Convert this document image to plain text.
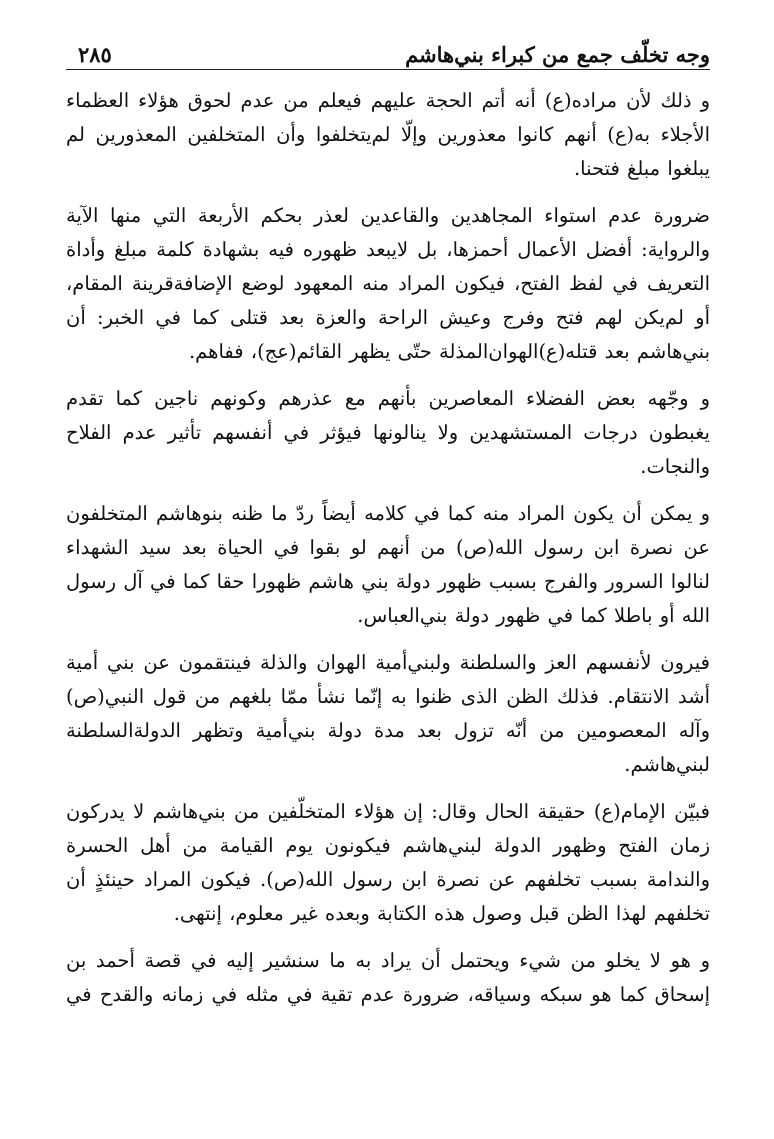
وجه تخلّف جمع من كبراء بني‌هاشم
٢٨٥

و ذلك لأن مراده(ع) أنه أتم الحجة عليهم فيعلم من عدم لحوق هؤلاء العظماء الأجلاء به(ع) أنهم كانوا معذورين وإلّا لم‌يتخلفوا وأن المتخلفين المعذورين لم يبلغوا مبلغ فتحنا.

ضرورة عدم استواء المجاهدين والقاعدين لعذر بحكم الأربعة التي منها الآية والرواية: أفضل الأعمال أحمزها، بل لايبعد ظهوره فيه بشهادة كلمة مبلغ وأداة التعريف في لفظ الفتح، فيكون المراد منه المعهود لوضع الإضافةقرينة المقام، أو لم‌يكن لهم فتح وفرج وعيش الراحة والعزة بعد قتلى كما في الخبر: أن بني‌هاشم بعد قتله(ع)الهوان‌المذلة حتّى يظهر القائم(عج)، ففاهم.

و وجّهه بعض الفضلاء المعاصرين بأنهم مع عذرهم وكونهم ناجين كما تقدم يغبطون درجات المستشهدين ولا ينالونها فيؤثر في أنفسهم تأثير عدم الفلاح والنجات.

و يمكن أن يكون المراد منه كما في كلامه أيضاً ردّ ما ظنه بنوهاشم المتخلفون عن نصرة ابن رسول الله(ص) من أنهم لو بقوا في الحياة بعد سيد الشهداء لنالوا السرور والفرج بسبب ظهور دولة بني هاشم ظهورا حقا كما في آل رسول الله أو باطلا كما في ظهور دولة بني‌العباس.

فيرون لأنفسهم العز والسلطنة ولبني‌أمية الهوان والذلة فينتقمون عن بني أمية أشد الانتقام. فذلك الظن الذى ظنوا به إنّما نشأ ممّا بلغهم من قول النبي(ص) وآله المعصومين من أنّه تزول بعد مدة دولة بني‌أمية وتظهر الدولةالسلطنة لبني‌هاشم.

فبيّن الإمام(ع) حقيقة الحال وقال: إن هؤلاء المتخلّفين من بني‌هاشم لا يدركون زمان الفتح وظهور الدولة لبني‌هاشم فيكونون يوم القيامة من أهل الحسرة والندامة بسبب تخلفهم عن نصرة ابن رسول الله(ص). فيكون المراد حينئذٍ أن تخلفهم لهذا الظن قبل وصول هذه الكتابة وبعده غير معلوم، إنتهى.

و هو لا يخلو من شيء ويحتمل أن يراد به ما سنشير إليه في قصة أحمد بن إسحاق كما هو سبكه وسياقه، ضرورة عدم تقية في مثله في زمانه والقدح في
